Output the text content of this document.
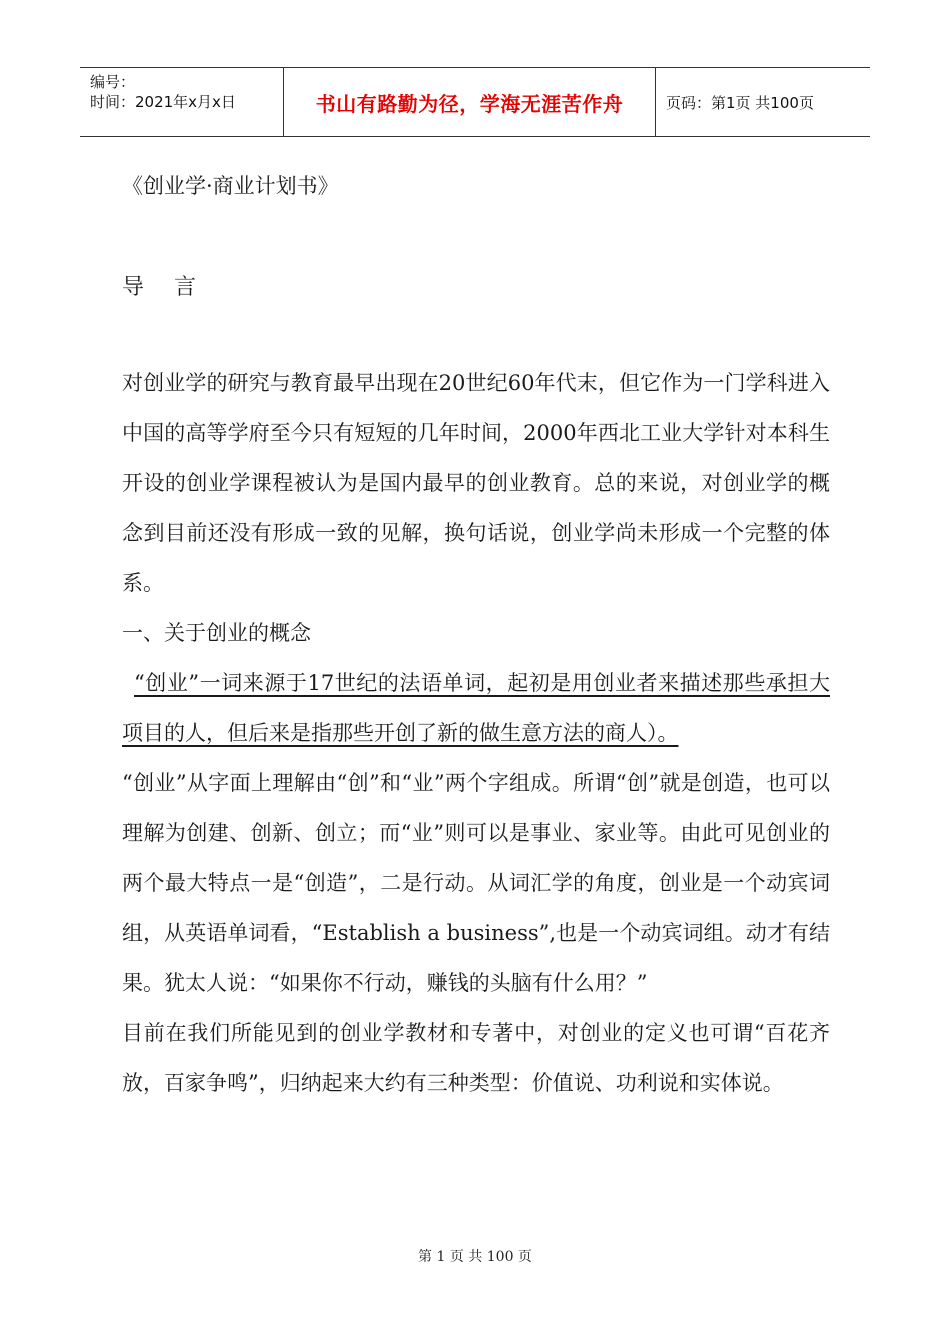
编号：
时间：2021年x月x日	书山有路勤为径，学海无涯苦作舟	页码：第1页 共100页
《创业学·商业计划书》
导言

对创业学的研究与教育最早出现在20世纪60年代末，但它作为一门学科进入中国的高等学府至今只有短短的几年时间，2000年西北工业大学针对本科生开设的创业学课程被认为是国内最早的创业教育。总的来说，对创业学的概念到目前还没有形成一致的见解，换句话说，创业学尚未形成一个完整的体系。

一、关于创业的概念

“创业”一词来源于17世纪的法语单词，起初是用创业者来描述那些承担大项目的人，但后来是指那些开创了新的做生意方法的商人）。

“创业”从字面上理解由“创”和“业”两个字组成。所谓“创”就是创造，也可以理解为创建、创新、创立；而“业”则可以是事业、家业等。由此可见创业的两个最大特点一是“创造”，二是行动。从词汇学的角度，创业是一个动宾词组，从英语单词看，“Establish a business”,也是一个动宾词组。动才有结果。犹太人说：“如果你不行动，赚钱的头脑有什么用？”

目前在我们所能见到的创业学教材和专著中，对创业的定义也可谓“百花齐放，百家争鸣”，归纳起来大约有三种类型：价值说、功利说和实体说。

第 1 页 共 100 页
